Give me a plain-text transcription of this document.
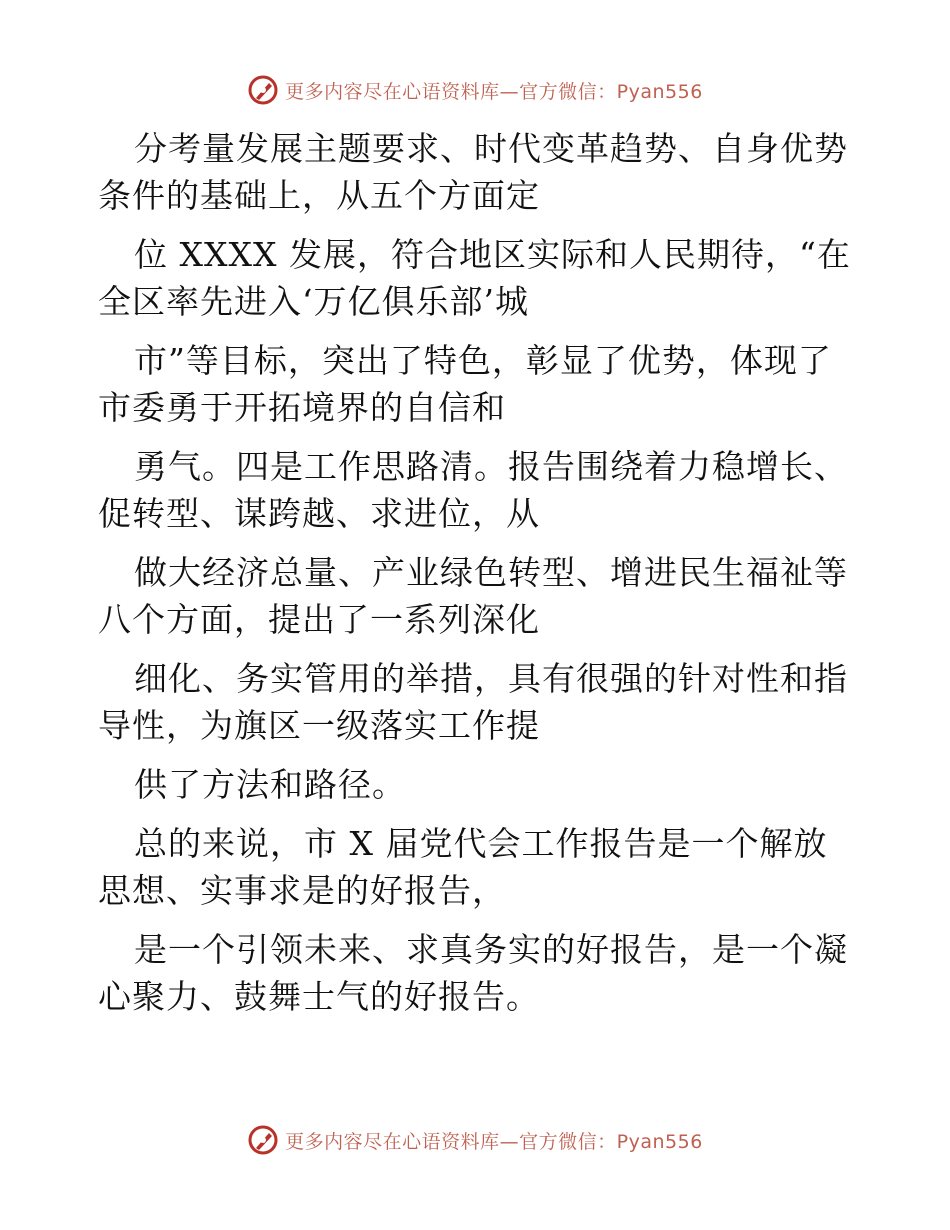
更多内容尽在心语资料库—官方微信：Pyan556
分考量发展主题要求、时代变革趋势、自身优势
条件的基础上，从五个方面定
位 XXXX 发展，符合地区实际和人民期待，“在
全区率先进入‘万亿俱乐部’城
市”等目标，突出了特色，彰显了优势，体现了
市委勇于开拓境界的自信和
勇气。四是工作思路清。报告围绕着力稳增长、
促转型、谋跨越、求进位，从
做大经济总量、产业绿色转型、增进民生福祉等
八个方面，提出了一系列深化
细化、务实管用的举措，具有很强的针对性和指
导性，为旗区一级落实工作提
供了方法和路径。
总的来说，市 X 届党代会工作报告是一个解放
思想、实事求是的好报告，
是一个引领未来、求真务实的好报告，是一个凝
心聚力、鼓舞士气的好报告。
更多内容尽在心语资料库—官方微信：Pyan556
